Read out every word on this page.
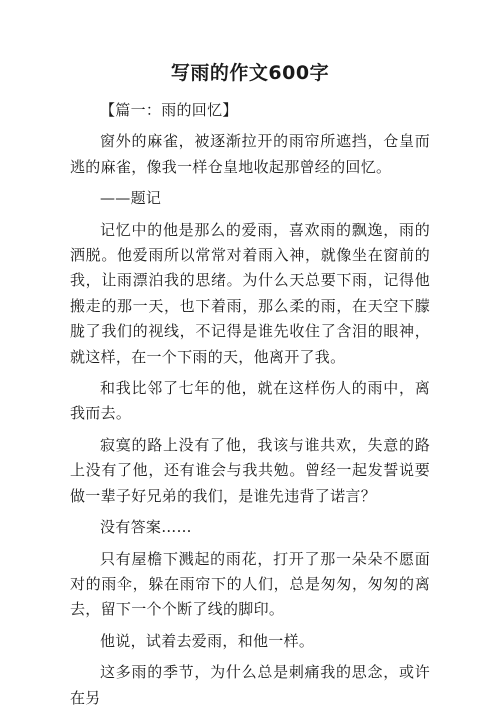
写雨的作文600字

【篇一：雨的回忆】

窗外的麻雀，被逐渐拉开的雨帘所遮挡，仓皇而逃的麻雀，像我一样仓皇地收起那曾经的回忆。

——题记

记忆中的他是那么的爱雨，喜欢雨的飘逸，雨的洒脱。他爱雨所以常常对着雨入神，就像坐在窗前的我，让雨漂泊我的思绪。为什么天总要下雨，记得他搬走的那一天，也下着雨，那么柔的雨，在天空下朦胧了我们的视线，不记得是谁先收住了含泪的眼神，就这样，在一个下雨的天，他离开了我。

和我比邻了七年的他，就在这样伤人的雨中，离我而去。

寂寞的路上没有了他，我该与谁共欢，失意的路上没有了他，还有谁会与我共勉。曾经一起发誓说要做一辈子好兄弟的我们，是谁先违背了诺言？

没有答案……

只有屋檐下溅起的雨花，打开了那一朵朵不愿面对的雨伞，躲在雨帘下的人们，总是匆匆，匆匆的离去，留下一个个断了线的脚印。

他说，试着去爱雨，和他一样。

这多雨的季节，为什么总是刺痛我的思念，或许在另
